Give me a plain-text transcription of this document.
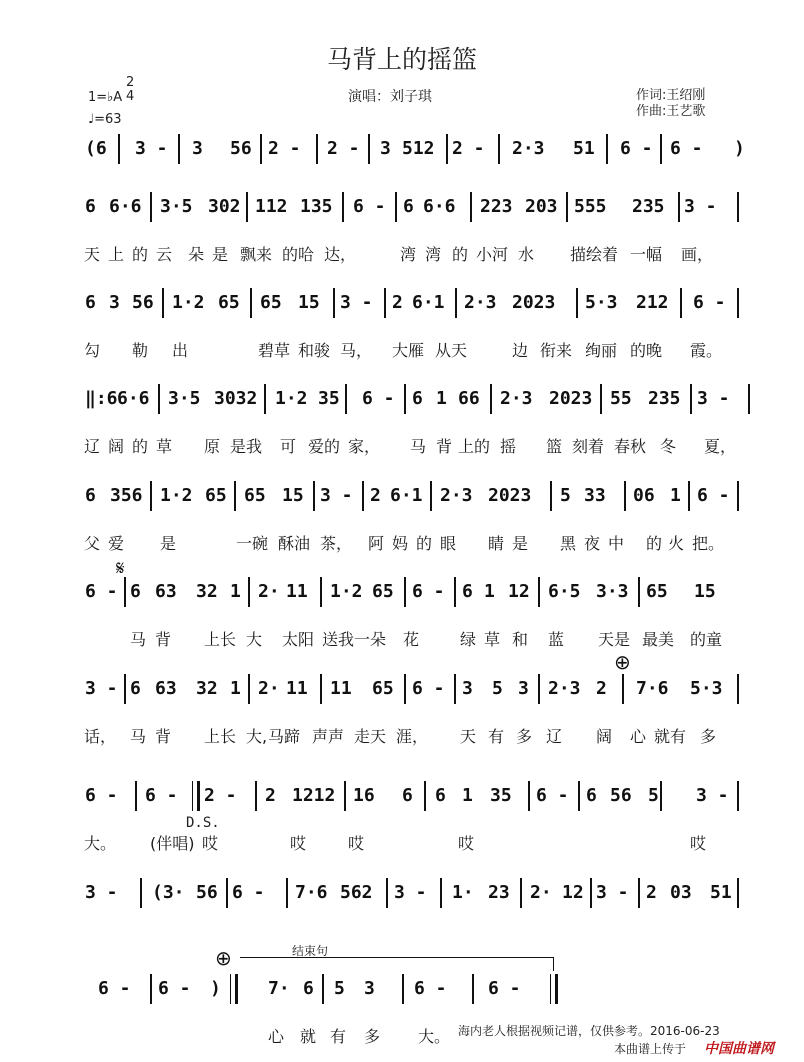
马背上的摇篮
1=♭A
2
4
♩=63
演唱：刘子琪	作词:王绍刚
作曲:王艺歌
(6 3 - 3 56 2 - 2 - 3 512 2 - 2·3 51 6 - 6 - )
6 6·6 3·5 302 112 135 6 - 6 6·6 223 203 555 235 3 -
天 上 的 云 朵 是 飘来 的哈 达，	湾 湾 的 小河 水 描绘着 一幅 画，
6 3 56 1·2 65 65 15 3 - 2 6·1 2·3 2023 5·3 212 6 -
勾 勒 出	碧草 和骏 马， 大雁 从天	边 衔来 绚丽 的晚 霞。
‖:6 6·6 3·5 3032 1·2 35 6 - 6 1 66 2·3 2023 55 235 3 -
辽 阔 的 草 原 是我 可 爱的 家， 马 背 上的 摇 篮 刻着 春秋 冬 夏，
6 356 1·2 65 65 15 3 - 2 6·1 2·3 2023 5 33 06 1 6 -
父 爱 是	一碗 酥油 茶， 阿 妈 的 眼 睛 是 黑 夜 中 的 火 把。
6 - 6 63 32 1 2· 11 1·2 65 6 - 6 1 12 6·5 3·3 65 15
马 背 上长 大 太阳 送我一朵 花	绿 草 和 蓝 天是 最美 的童
3 - 6 63 32 1 2· 11 11 65 6 - 3 5 3 2·3 2 7·6 5·3
话， 马 背 上长 大, 马蹄 声声 走天 涯， 天 有 多 辽 阔 心 就有 多
6 - 6 - 2 - 2 1212 16 6 6 1 35 6 - 6 56 5 3 -
大。 (伴唱) 哎	哎	哎	哎	哎
3 - (3· 56 6 - 7·6 562 3 - 1· 23 2· 12 3 - 2 03 51
6 - 6 - )	7· 6 5 3 6 - 6 -
心 就 有 多 大。
𝄋
⊕
⊕	结束句
D.S.
海内老人根据视频记谱，仅供参考。2016-06-23
本曲谱上传于 中国曲谱网
